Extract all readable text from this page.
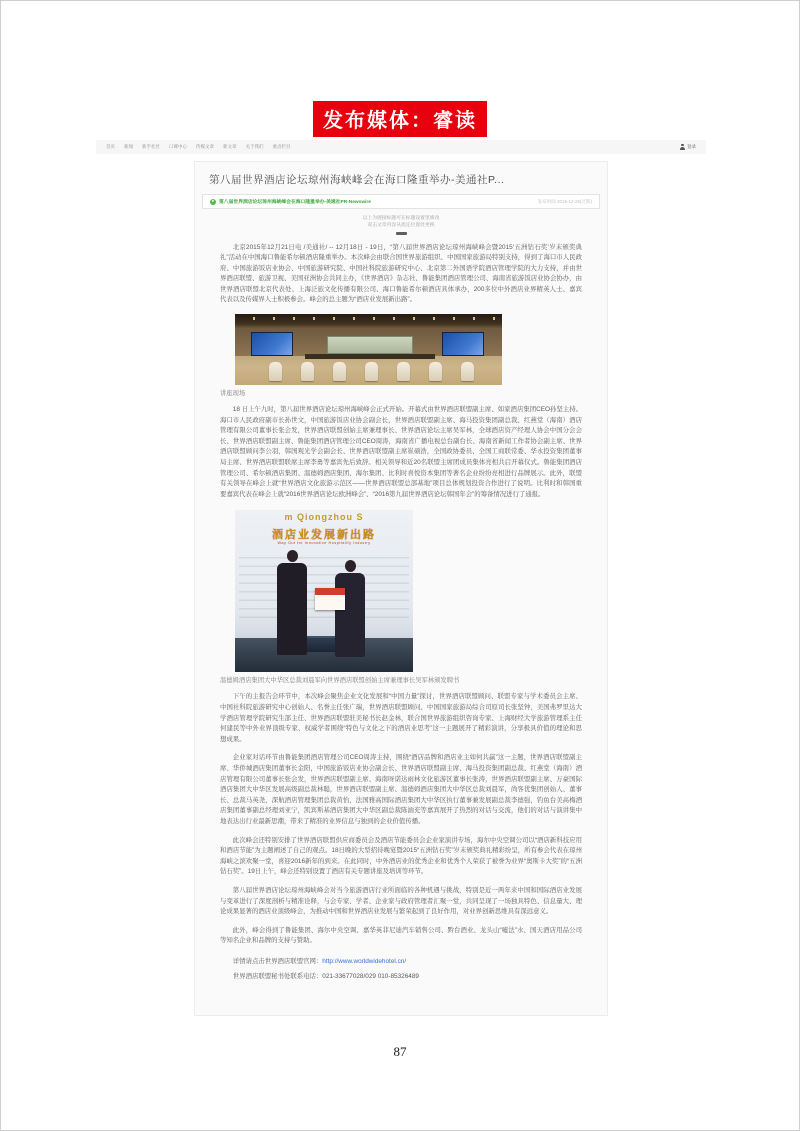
发布媒体：睿读
首页 新闻 新手社区 口碑中心 传媒文章 新文章 关于我们 重点栏目	登录
第八届世界酒店论坛琼州海峡峰会在海口隆重举办-美通社P...
➤
第八届世界酒店论坛琼州海峡峰会在海口隆重举办-美通社PR-Newswire	发布时间 2015-12-25(过期)
以上为链接标题可在标题设置里修改
双击文章内容从指定位置处更换

北京2015年12月21日电 /美通社/ -- 12月18日 - 19日，“第八届世界酒店论坛琼州海峡峰会暨2015‘五洲钻石奖’岁末颁奖典礼”活动在中国海口鲁能希尔顿酒店隆重举办。本次峰会由联合国世界旅游组织、中国国家旅游局特别支持，得到了海口市人民政府、中国旅游饭店业协会、中国旅游研究院、中国社科院旅游研究中心、北京第二外国语学院酒店管理学院的大力支持，并由世界酒店联盟、旅游卫视、美国亚洲协会共同主办，《世界酒店》杂志社、鲁能集团酒店管理公司、海南省旅游饭店业协会协办，由世界酒店联盟北京代表处、上海泛旅文化传播有限公司、海口鲁能希尔顿酒店具体承办，200多位中外酒店业界精英人士、嘉宾代表以及传媒界人士积极参会。峰会的总主题为“酒店业发展新出路”。

讲座现场

18 日上午九时，第八届世界酒店论坛琼州海峡峰会正式开始。开幕式由世界酒店联盟副主席、如家酒店集团CEO孙坚主持。海口市人民政府副市长孙世文，中国旅游饭店业协会副会长，世界酒店联盟副主席、海马投资集团副总裁、红燕堂（海南）酒店管理有限公司董事长张会发，世界酒店联盟创始主席兼理事长、世界酒店论坛主席吴军林，全球酒店资产经理人协会中国分会会长、世界酒店联盟副主席、鲁能集团酒店管理公司CEO周涛，海南省广播电视总台副台长、海南省新闻工作者协会副主席、世界酒店联盟顾问李公羽，韩国观光学会副会长、世界酒店联盟副主席崔硕浩，全国政协委员、全国工商联常委、华永投资集团董事局主席、世界酒店联盟联席主席李勇等嘉宾先后致辞。相关领导和近20名联盟主席团成员集体亮相共启开幕仪式。鲁能集团酒店管理公司、希尔顿酒店集团、温德姆酒店集团、海尔集团、比利时喜悦资本集团等著名企业纷纷亮相进行品牌展示。此外，联盟有关领导在峰会上就“世界酒店文化旅游示范区——世界酒店联盟总部基地”项目总体规划投资合作进行了说明。比利时和韩国重要嘉宾代表在峰会上就“2016世界酒店论坛欧洲峰会”、“2016第九届世界酒店论坛韩国年会”的筹备情况进行了通报。

m Qiongzhou S
酒店业发展新出路
Way Out for Innovative Hospitality Industry
温德姆酒店集团大中华区总裁刘晨军向世界酒店联盟创始主席兼理事长吴军林颁发聘书

下午的主报告会环节中，本次峰会聚焦企业文化发展和“中国力量”探讨，世界酒店联盟顾问、联盟专家与学术委员会主席、中国社科院旅游研究中心创始人、名誉主任张广瑞，世界酒店联盟顾问、中国国家旅游局综合司原司长张坚钟，美国弗罗里达大学酒店管理学院研究生部主任、世界酒店联盟驻美秘书长赵金林，联合国世界旅游组织咨询专家、上海财经大学旅游管理系主任何建民等中外业界顶级专家、权威学者围绕“特色与文化之下的酒店业思考”这一主题展开了精彩演讲，分享极具价值的理论和思想成果。

企业家对话环节由鲁能集团酒店管理公司CEO周涛主持，围绕“酒店品牌和酒店业主如何共赢”这一主题，世界酒店联盟副主席、华侨城酒店集团董事长金阳，中国旅游饭店业协会副会长、世界酒店联盟副主席、海马投资集团副总裁、红燕堂（海南）酒店管理有限公司董事长张会发，世界酒店联盟副主席、海南呀诺达雨林文化旅游区董事长张涛，世界酒店联盟副主席、万豪国际酒店集团大中华区发展高级副总裁林聪，世界酒店联盟副主席、温德姆酒店集团大中华区总裁刘晨军，尚客优集团创始人、董事长、总裁马英尧，深航酒店管理集团总裁黄怡，法国雅高国际酒店集团大中华区执行董事兼发展副总裁李德强，钓鱼台美高梅酒店集团董事副总经理刘亚宁，凯宾斯基酒店集团大中华区副总裁陈湎充等嘉宾展开了热烈的对话与交流，他们的对话与演讲集中地表达出行业最新思潮，带来了精准的业界信息与独到的企业价值传播。

此次峰会还特别安排了世界酒店联盟供应商委员会及酒店节能委员会企业家演讲专场，海尔中央空调公司以“酒店新科技应用和酒店节能”为主题阐述了自己的观点。18日晚的大型招待晚宴暨2015“五洲钻石奖”岁末颁奖典礼精彩纷呈，所有参会代表在琼州海峡之滨欢聚一堂，喜迎2016新年的到来。在此同时，中外酒店业的优秀企业和优秀个人荣获了被誉为业界“奥斯卡大奖”的“五洲钻石奖”。19日上午，峰会还特别设置了酒店有关专题讲座及培训等环节。

第八届世界酒店论坛琼州海峡峰会对当今旅游酒店行业所面临的各种机遇与挑战，特别是近一两年来中国和国际酒店业发展与变革进行了深度剖析与精准诠释，与会专家、学者、企业家与政府管理者汇聚一堂，共同呈现了一场独具特色、信息量大、理论成果显著的酒店业顶级峰会，为推动中国和世界酒店业发展与繁荣起到了良好作用，对业界创新思维具有深远意义。

此外，峰会得到了鲁能集团、海尔中央空调、嘉华英菲尼迪汽车销售公司、黔台酒业、龙头山“嘘法”水、国天酒店用品公司等知名企业和品牌的支持与赞助。

详情请点击世界酒店联盟官网：http://www.worldwidehotel.cn/
世界酒店联盟秘书处联系电话：021-33677028/029 010-85326489
87
